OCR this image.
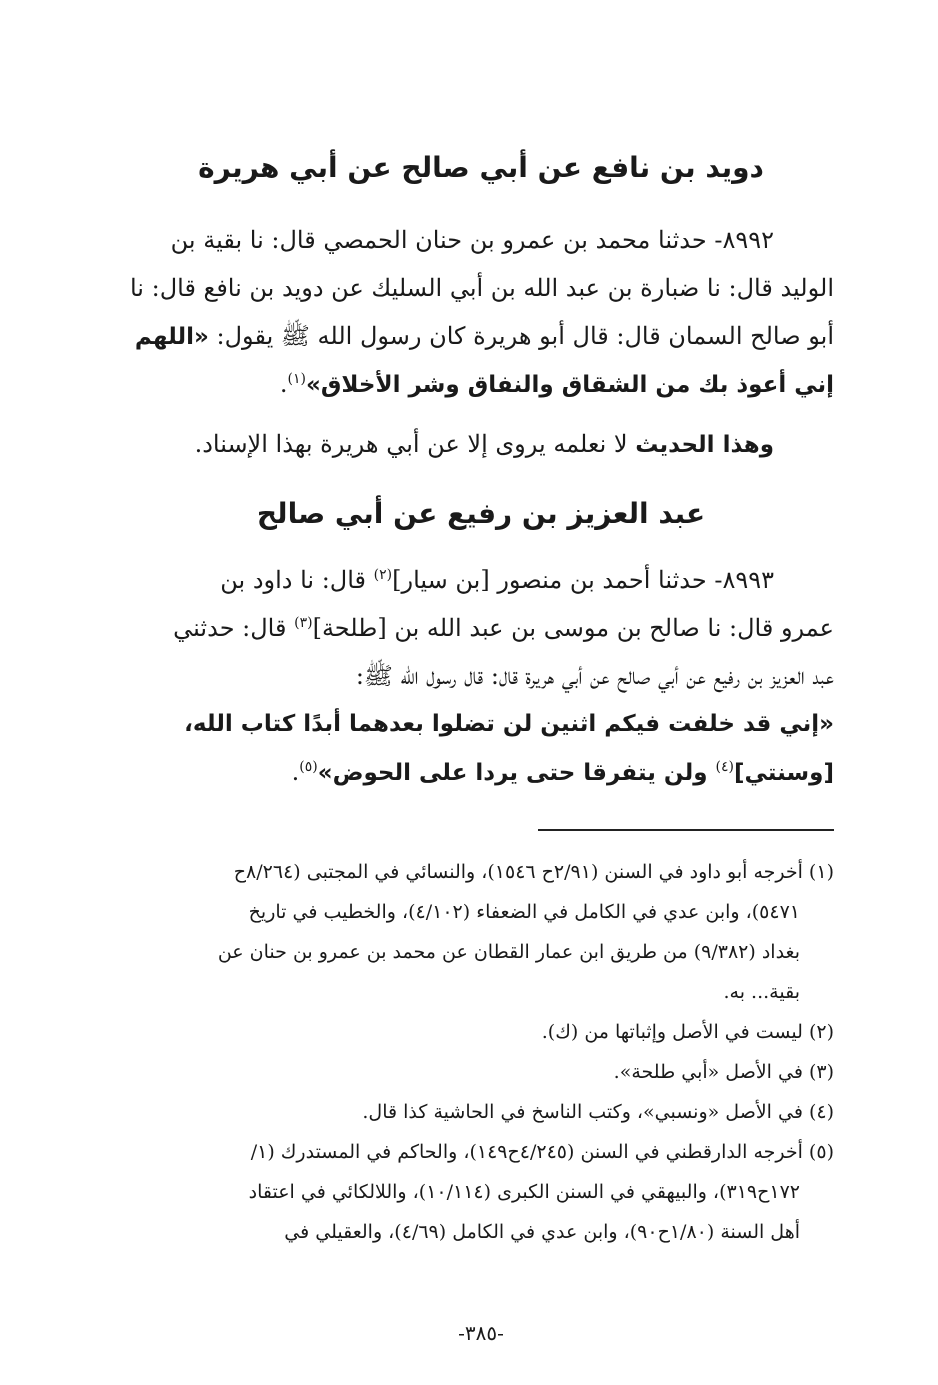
دويد بن نافع عن أبي صالح عن أبي هريرة
٨٩٩٢- حدثنا محمد بن عمرو بن حنان الحمصي قال: نا بقية بن
الوليد قال: نا ضبارة بن عبد الله بن أبي السليك عن دويد بن نافع قال: نا
أبو صالح السمان قال: قال أبو هريرة كان رسول الله ﷺ يقول: «اللهم
إني أعوذ بك من الشقاق والنفاق وشر الأخلاق»$^{(١)}$.
وهذا الحديث لا نعلمه يروى إلا عن أبي هريرة بهذا الإسناد.
عبد العزيز بن رفيع عن أبي صالح
٨٩٩٣- حدثنا أحمد بن منصور [بن سيار]$^{(٢)}$ قال: نا داود بن
عمرو قال: نا صالح بن موسى بن عبد الله بن [طلحة]$^{(٣)}$ قال: حدثني
عبد العزيز بن رفيع عن أبي صالح عن أبي هريرة قال: قال رسول الله ﷺ:
«إني قد خلفت فيكم اثنين لن تضلوا بعدهما أبدًا كتاب الله،
[وسنتي]$^{(٤)}$ ولن يتفرقا حتى يردا على الحوض»$^{(٥)}$.
(١) أخرجه أبو داود في السنن (٢/٩١ح ١٥٤٦)، والنسائي في المجتبى (٨/٢٦٤ح
٥٤٧١)، وابن عدي في الكامل في الضعفاء (٤/١٠٢)، والخطيب في تاريخ
بغداد (٩/٣٨٢) من طريق ابن عمار القطان عن محمد بن عمرو بن حنان عن
بقية... به.
(٢) ليست في الأصل وإثباتها من (ك).
(٣) في الأصل «أبي طلحة».
(٤) في الأصل «ونسبي»، وكتب الناسخ في الحاشية كذا قال.
(٥) أخرجه الدارقطني في السنن (٤/٢٤٥ح١٤٩)، والحاكم في المستدرك (١/
١٧٢ح٣١٩)، والبيهقي في السنن الكبرى (١٠/١١٤)، واللالكائي في اعتقاد
أهل السنة (١/٨٠ح٩٠)، وابن عدي في الكامل (٤/٦٩)، والعقيلي في
-٣٨٥-
